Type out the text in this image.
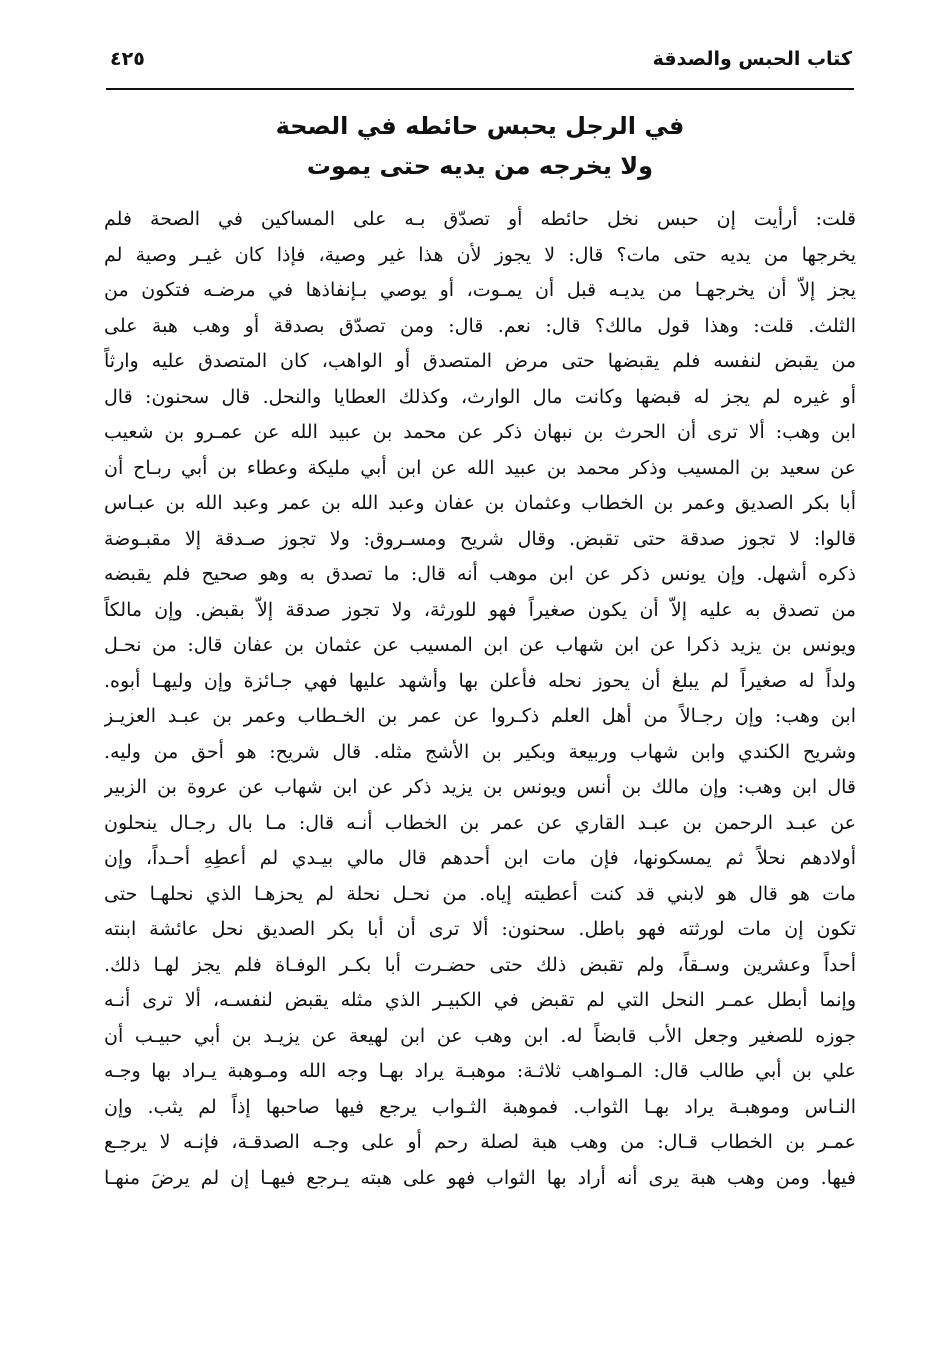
كتاب الحبس والصدقة
٤٢٥
في الرجل يحبس حائطه في الصحة
ولا يخرجه من يديه حتى يموت
قلت: أرأيت إن حبس نخل حائطه أو تصدّق بـه على المساكين في الصحة فلم
يخرجها من يديه حتى مات؟ قال: لا يجوز لأن هذا غير وصية، فإذا كان غيـر وصية لم
يجز إلاّ أن يخرجهـا من يديـه قبل أن يمـوت، أو يوصي بـإنفاذها في مرضـه فتكون من
الثلث. قلت: وهذا قول مالك؟ قال: نعم. قال: ومن تصدّق بصدقة أو وهب هبة على
من يقبض لنفسه فلم يقبضها حتى مرض المتصدق أو الواهب، كان المتصدق عليه وارثاً
أو غيره لم يجز له قبضها وكانت مال الوارث، وكذلك العطايا والنحل. قال سحنون: قال
ابن وهب: ألا ترى أن الحرث بن نبهان ذكر عن محمد بن عبيد الله عن عمـرو بن شعيب
عن سعيد بن المسيب وذكر محمد بن عبيد الله عن ابن أبي مليكة وعطاء بن أبي ربـاح أن
أبا بكر الصديق وعمر بن الخطاب وعثمان بن عفان وعبد الله بن عمر وعبد الله بن عبـاس
قالوا: لا تجوز صدقة حتى تقبض. وقال شريح ومسـروق: ولا تجوز صـدقة إلا مقبـوضة
ذكره أشهل. وإن يونس ذكر عن ابن موهب أنه قال: ما تصدق به وهو صحيح فلم يقبضه
من تصدق به عليه إلاّ أن يكون صغيراً فهو للورثة، ولا تجوز صدقة إلاّ بقبض. وإن مالكاً
ويونس بن يزيد ذكرا عن ابن شهاب عن ابن المسيب عن عثمان بن عفان قال: من نحـل
ولداً له صغيراً لم يبلغ أن يحوز نحله فأعلن بها وأشهد عليها فهي جـائزة وإن وليهـا أبوه.
ابن وهب: وإن رجـالاً من أهل العلم ذكـروا عن عمر بن الخـطاب وعمر بن عبـد العزيـز
وشريح الكندي وابن شهاب وربيعة وبكير بن الأشج مثله. قال شريح: هو أحق من وليه.
قال ابن وهب: وإن مالك بن أنس ويونس بن يزيد ذكر عن ابن شهاب عن عروة بن الزبير
عن عبـد الرحمن بن عبـد القاري عن عمر بن الخطاب أنـه قال: مـا بال رجـال ينحلون
أولادهم نحلاً ثم يمسكونها، فإن مات ابن أحدهم قال مالي بيـدي لم أعطِهِ أحـداً، وإن
مات هو قال هو لابني قد كنت أعطيته إياه. من نحـل نحلة لم يحزهـا الذي نحلهـا حتى
تكون إن مات لورثته فهو باطل. سحنون: ألا ترى أن أبا بكر الصديق نحل عائشة ابنته
أحداً وعشرين وسـقاً، ولم تقبض ذلك حتى حضـرت أبا بكـر الوفـاة فلم يجز لهـا ذلك.
وإنما أبطل عمـر النحل التي لم تقبض في الكبيـر الذي مثله يقبض لنفسـه، ألا ترى أنـه
جوزه للصغير وجعل الأب قابضاً له. ابن وهب عن ابن لهيعة عن يزيـد بن أبي حبيـب أن
علي بن أبي طالب قال: المـواهب ثلاثـة: موهبـة يراد بهـا وجه الله ومـوهبة يـراد بها وجـه
النـاس وموهبـة يراد بهـا الثواب. فموهبة الثـواب يرجع فيها صاحبها إذاً لم يثب. وإن
عمـر بن الخطاب قـال: من وهب هبة لصلة رحم أو على وجـه الصدقـة، فإنـه لا يرجـع
فيها. ومن وهب هبة يرى أنه أراد بها الثواب فهو على هبته يـرجع فيهـا إن لم يرضَ منهـا
